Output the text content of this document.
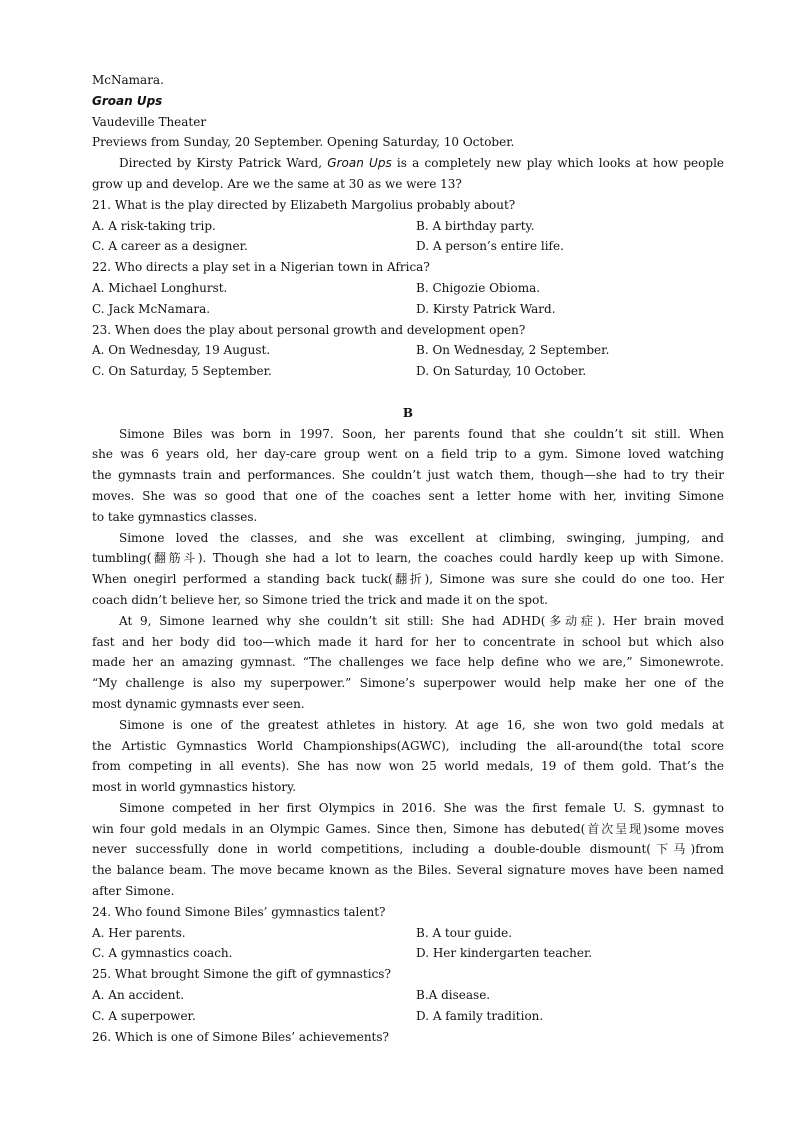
McNamara.
Groan Ups
Vaudeville Theater
Previews from Sunday, 20 September. Opening Saturday, 10 October.
Directed by Kirsty Patrick Ward, Groan Ups is a completely new play which looks at how people
grow up and develop. Are we the same at 30 as we were 13?
21. What is the play directed by Elizabeth Margolius probably about?
A. A risk-taking trip.	B. A birthday party.
C. A career as a designer.	D. A person’s entire life.
22. Who directs a play set in a Nigerian town in Africa?
A. Michael Longhurst.	B. Chigozie Obioma.
C. Jack McNamara.	D. Kirsty Patrick Ward.
23. When does the play about personal growth and development open?
A. On Wednesday, 19 August.	B. On Wednesday, 2 September.
C. On Saturday, 5 September.	D. On Saturday, 10 October.
B
Simone Biles was born in 1997. Soon, her parents found that she couldn’t sit still. When
she was 6 years old, her day-care group went on a field trip to a gym. Simone loved watching
the gymnasts train and performances. She couldn’t just watch them, though—she had to try their
moves. She was so good that one of the coaches sent a letter home with her, inviting Simone
to take gymnastics classes.
Simone loved the classes, and she was excellent at climbing, swinging, jumping, and
tumbling(翻筋斗). Though she had a lot to learn, the coaches could hardly keep up with Simone.
When onegirl performed a standing back tuck(翻折), Simone was sure she could do one too. Her
coach didn’t believe her, so Simone tried the trick and made it on the spot.
At 9, Simone learned why she couldn’t sit still: She had ADHD(多动症). Her brain moved
fast and her body did too—which made it hard for her to concentrate in school but which also
made her an amazing gymnast. “The challenges we face help define who we are,” Simonewrote.
“My challenge is also my superpower.” Simone’s superpower would help make her one of the
most dynamic gymnasts ever seen.
Simone is one of the greatest athletes in history. At age 16, she won two gold medals at
the Artistic Gymnastics World Championships(AGWC), including the all-around(the total score
from competing in all events). She has now won 25 world medals, 19 of them gold. That’s the
most in world gymnastics history.
Simone competed in her first Olympics in 2016. She was the first female U. S. gymnast to
win four gold medals in an Olympic Games. Since then, Simone has debuted(首次呈现)some moves
never successfully done in world competitions, including a double-double dismount(下马)from
the balance beam. The move became known as the Biles. Several signature moves have been named
after Simone.
24. Who found Simone Biles’ gymnastics talent?
A. Her parents.	B. A tour guide.
C. A gymnastics coach.	D. Her kindergarten teacher.
25. What brought Simone the gift of gymnastics?
A. An accident.	B.A disease.
C. A superpower.	D. A family tradition.
26. Which is one of Simone Biles’ achievements?
